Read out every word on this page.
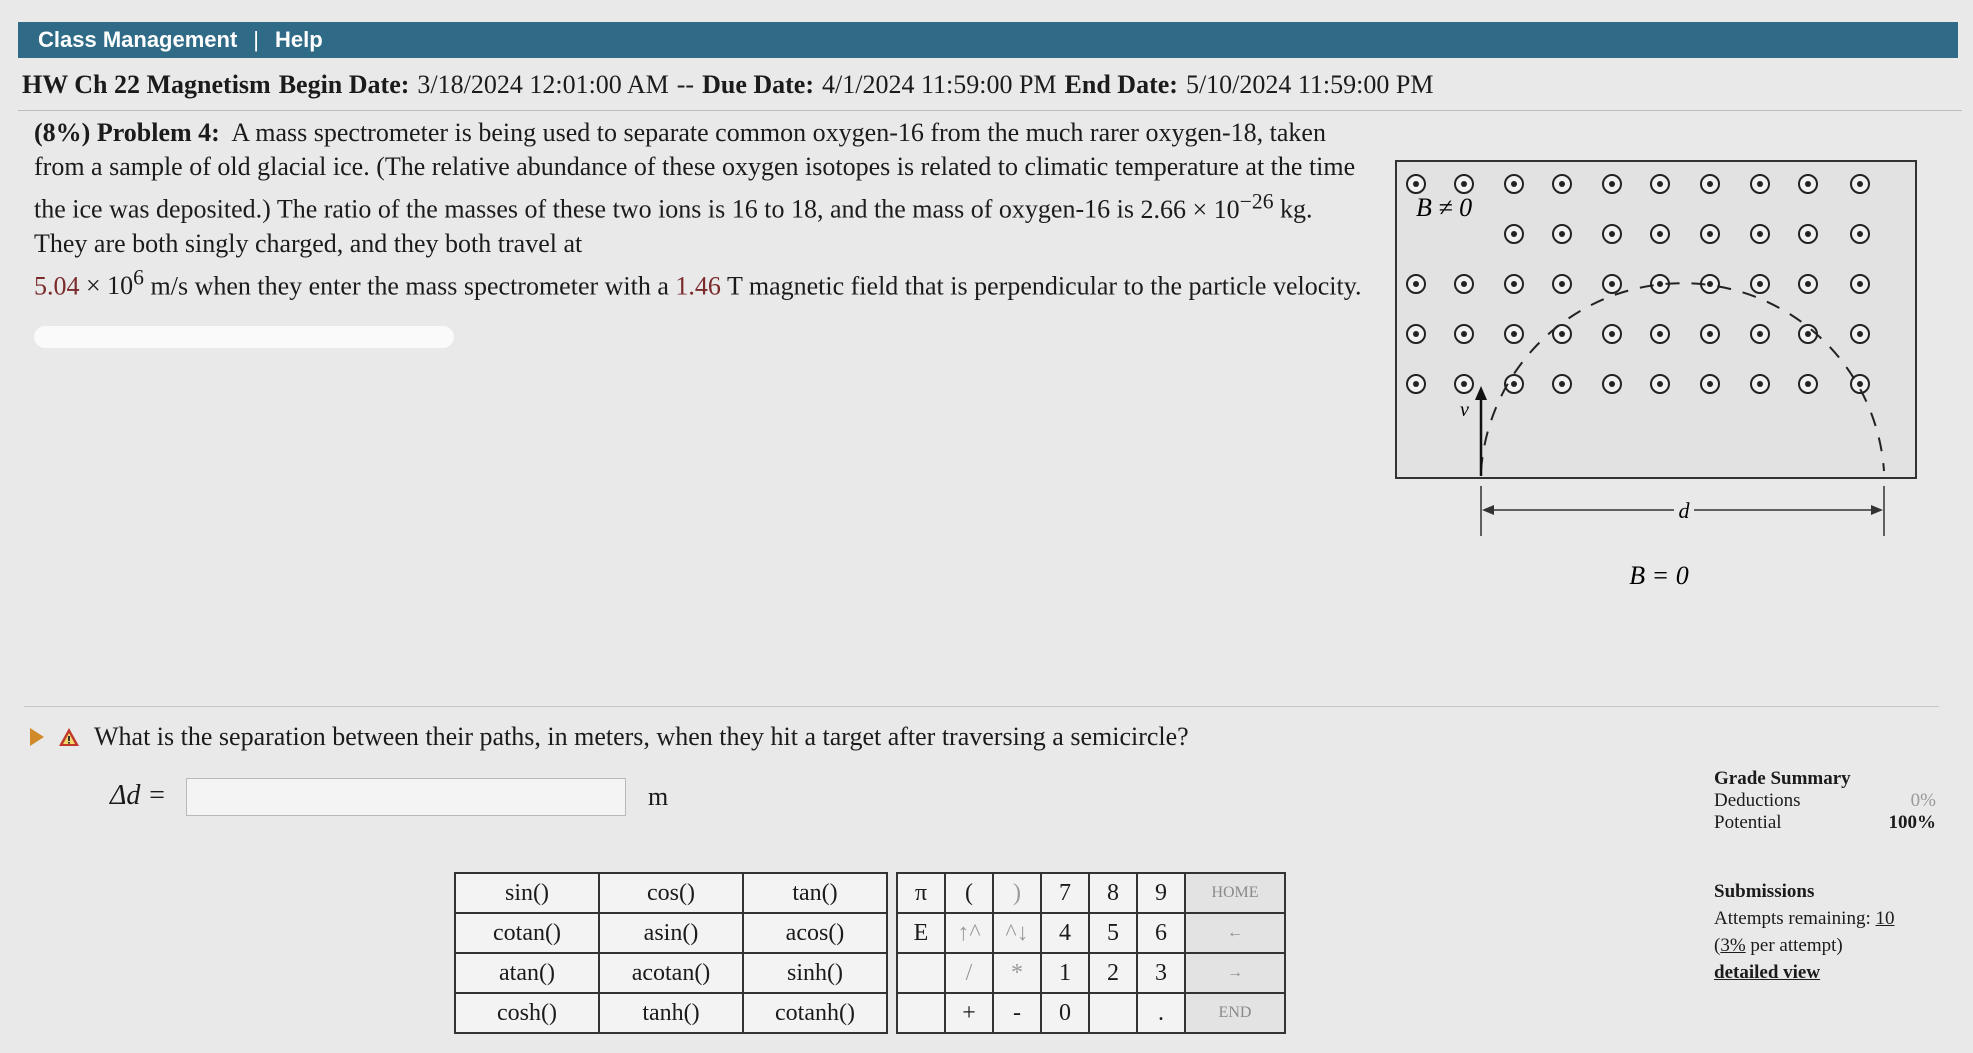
Class Management | Help
HW Ch 22 Magnetism Begin Date: 3/18/2024 12:01:00 AM -- Due Date: 4/1/2024 11:59:00 PM End Date: 5/10/2024 11:59:00 PM
(8%) Problem 4: A mass spectrometer is being used to separate common oxygen-16 from the much rarer oxygen-18, taken from a sample of old glacial ice. (The relative abundance of these oxygen isotopes is related to climatic temperature at the time the ice was deposited.) The ratio of the masses of these two ions is 16 to 18, and the mass of oxygen-16 is $2.66 \times 10^{-26}$ kg. They are both singly charged, and they both travel at
$5.04 \times 10^6$ m/s when they enter the mass spectrometer with a 1.46 T magnetic field that is perpendicular to the particle velocity.
v
B ≠ 0
d
B = 0
What is the separation between their paths, in meters, when they hit a target after traversing a semicircle?
Δd =	m
sin()	cos()	tan()		π	(	)	7	8	9	HOME
cotan()	asin()	acos()		E	↑^	^↓	4	5	6	←
atan()	acotan()	sinh()			/	*	1	2	3	→
cosh()	tanh()	cotanh()			+	-	0		.	END
Grade Summary
Deductions	0%
Potential	100%
Submissions
Attempts remaining: 10
(3% per attempt)
detailed view
